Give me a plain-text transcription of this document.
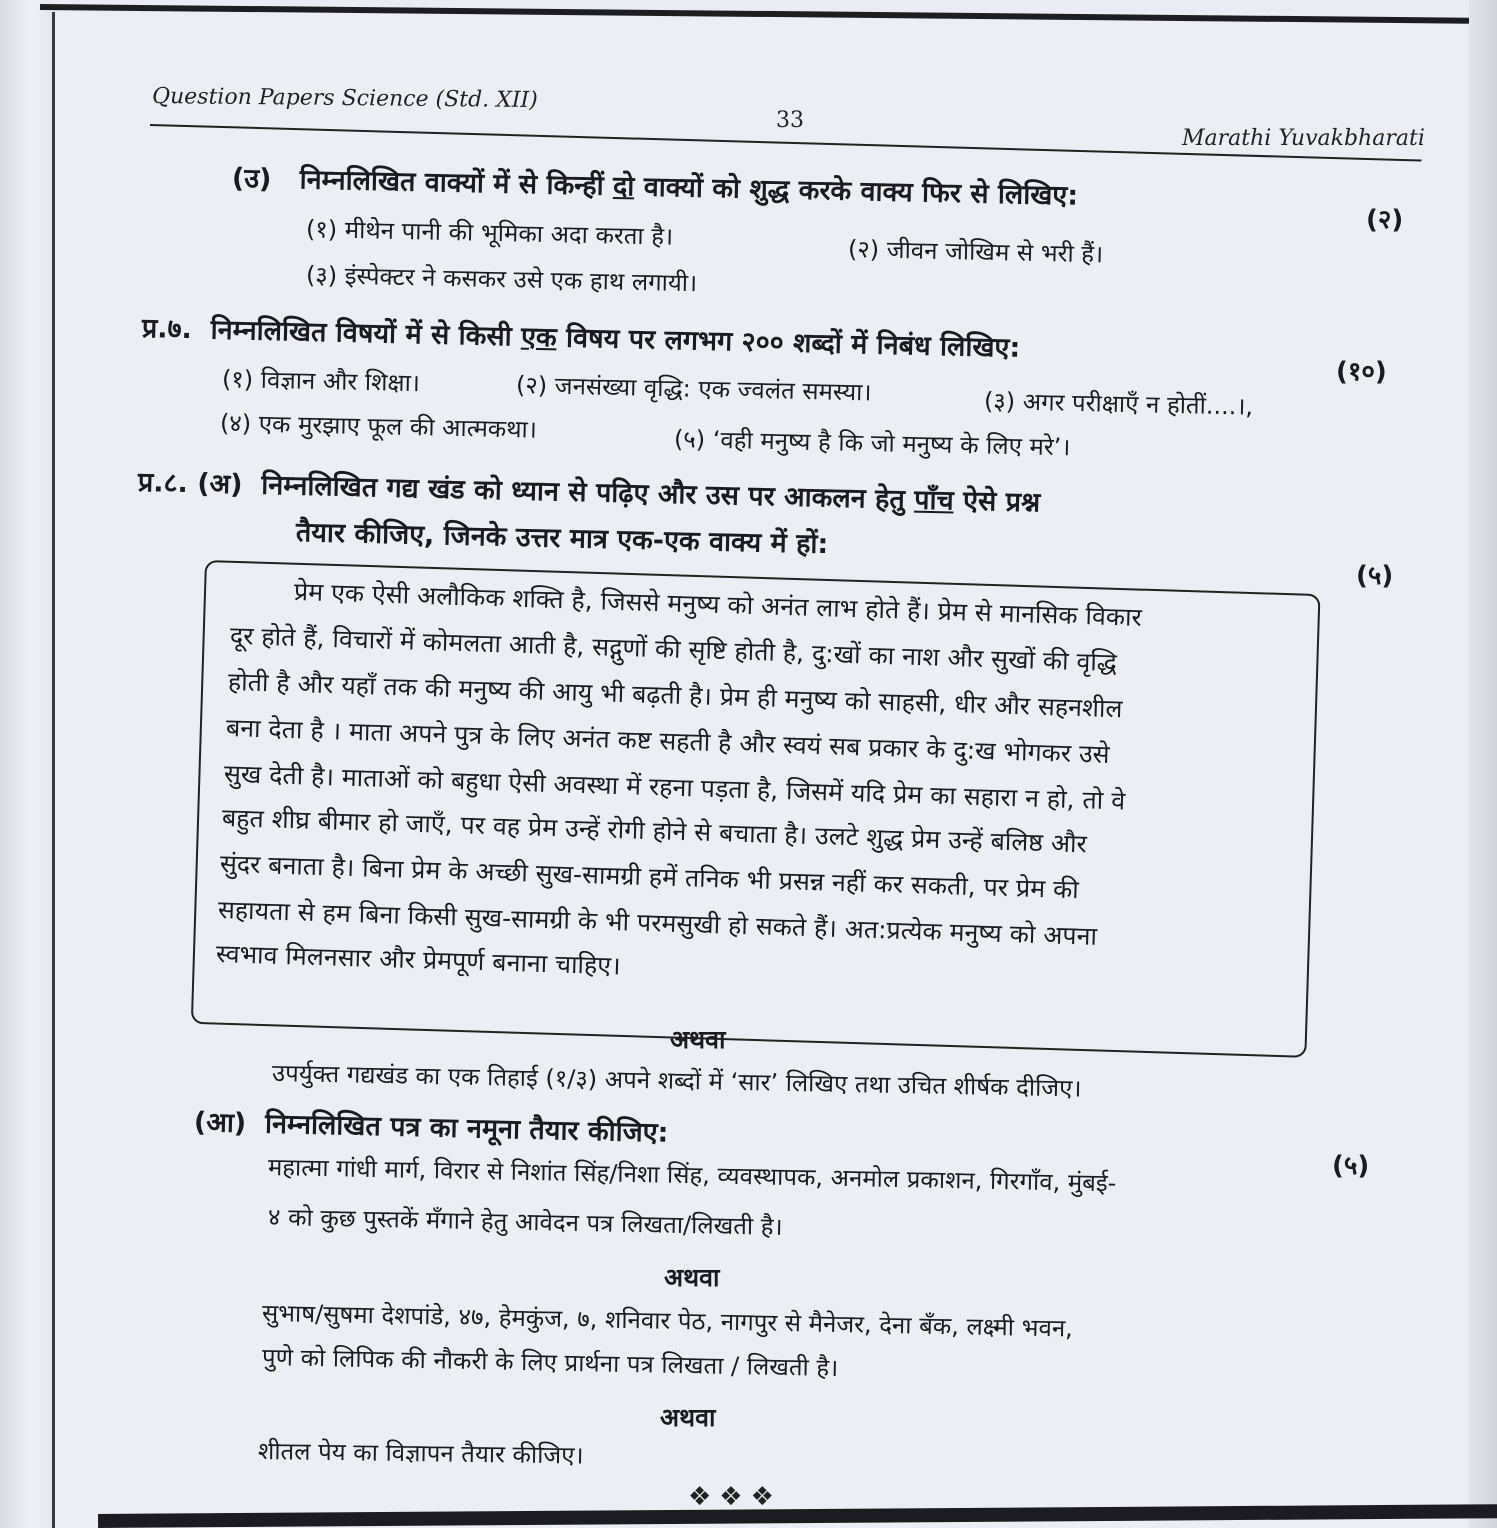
Question Papers Science (Std. XII)
33
Marathi Yuvakbharati
(उ) निम्नलिखित वाक्यों में से किन्हीं दो वाक्यों को शुद्ध करके वाक्य फिर से लिखिए:
(२)
(१) मीथेन पानी की भूमिका अदा करता है।
(२) जीवन जोखिम से भरी हैं।
(३) इंस्पेक्टर ने कसकर उसे एक हाथ लगायी।
प्र.७. निम्नलिखित विषयों में से किसी एक विषय पर लगभग २०० शब्दों में निबंध लिखिए:
(१०)
(१) विज्ञान और शिक्षा।	(२) जनसंख्या वृद्धि: एक ज्वलंत समस्या।	(३) अगर परीक्षाएँ न होतीं....।,
(४) एक मुरझाए फूल की आत्मकथा।	(५) ‘वही मनुष्य है कि जो मनुष्य के लिए मरे’।
प्र.८. (अ) निम्नलिखित गद्य खंड को ध्यान से पढ़िए और उस पर आकलन हेतु पाँच ऐसे प्रश्न
तैयार कीजिए, जिनके उत्तर मात्र एक-एक वाक्य में हों:
(५)
प्रेम एक ऐसी अलौकिक शक्ति है, जिससे मनुष्य को अनंत लाभ होते हैं। प्रेम से मानसिक विकार
दूर होते हैं, विचारों में कोमलता आती है, सद्गुणों की सृष्टि होती है, दु:खों का नाश और सुखों की वृद्धि
होती है और यहाँ तक की मनुष्य की आयु भी बढ़ती है। प्रेम ही मनुष्य को साहसी, धीर और सहनशील
बना देता है । माता अपने पुत्र के लिए अनंत कष्ट सहती है और स्वयं सब प्रकार के दु:ख भोगकर उसे
सुख देती है। माताओं को बहुधा ऐसी अवस्था में रहना पड़ता है, जिसमें यदि प्रेम का सहारा न हो, तो वे
बहुत शीघ्र बीमार हो जाएँ, पर वह प्रेम उन्हें रोगी होने से बचाता है। उलटे शुद्ध प्रेम उन्हें बलिष्ठ और
सुंदर बनाता है। बिना प्रेम के अच्छी सुख-सामग्री हमें तनिक भी प्रसन्न नहीं कर सकती, पर प्रेम की
सहायता से हम बिना किसी सुख-सामग्री के भी परमसुखी हो सकते हैं। अत:प्रत्येक मनुष्य को अपना
स्वभाव मिलनसार और प्रेमपूर्ण बनाना चाहिए।
अथवा
उपर्युक्त गद्यखंड का एक तिहाई (१/३) अपने शब्दों में ‘सार’ लिखिए तथा उचित शीर्षक दीजिए।
(आ) निम्नलिखित पत्र का नमूना तैयार कीजिए:
(५)
महात्मा गांधी मार्ग, विरार से निशांत सिंह/निशा सिंह, व्यवस्थापक, अनमोल प्रकाशन, गिरगाँव, मुंबई-
४ को कुछ पुस्तकें मँगाने हेतु आवेदन पत्र लिखता/लिखती है।
अथवा
सुभाष/सुषमा देशपांडे, ४७, हेमकुंज, ७, शनिवार पेठ, नागपुर से मैनेजर, देना बँक, लक्ष्मी भवन,
पुणे को लिपिक की नौकरी के लिए प्रार्थना पत्र लिखता / लिखती है।
अथवा
शीतल पेय का विज्ञापन तैयार कीजिए।
❖❖❖
